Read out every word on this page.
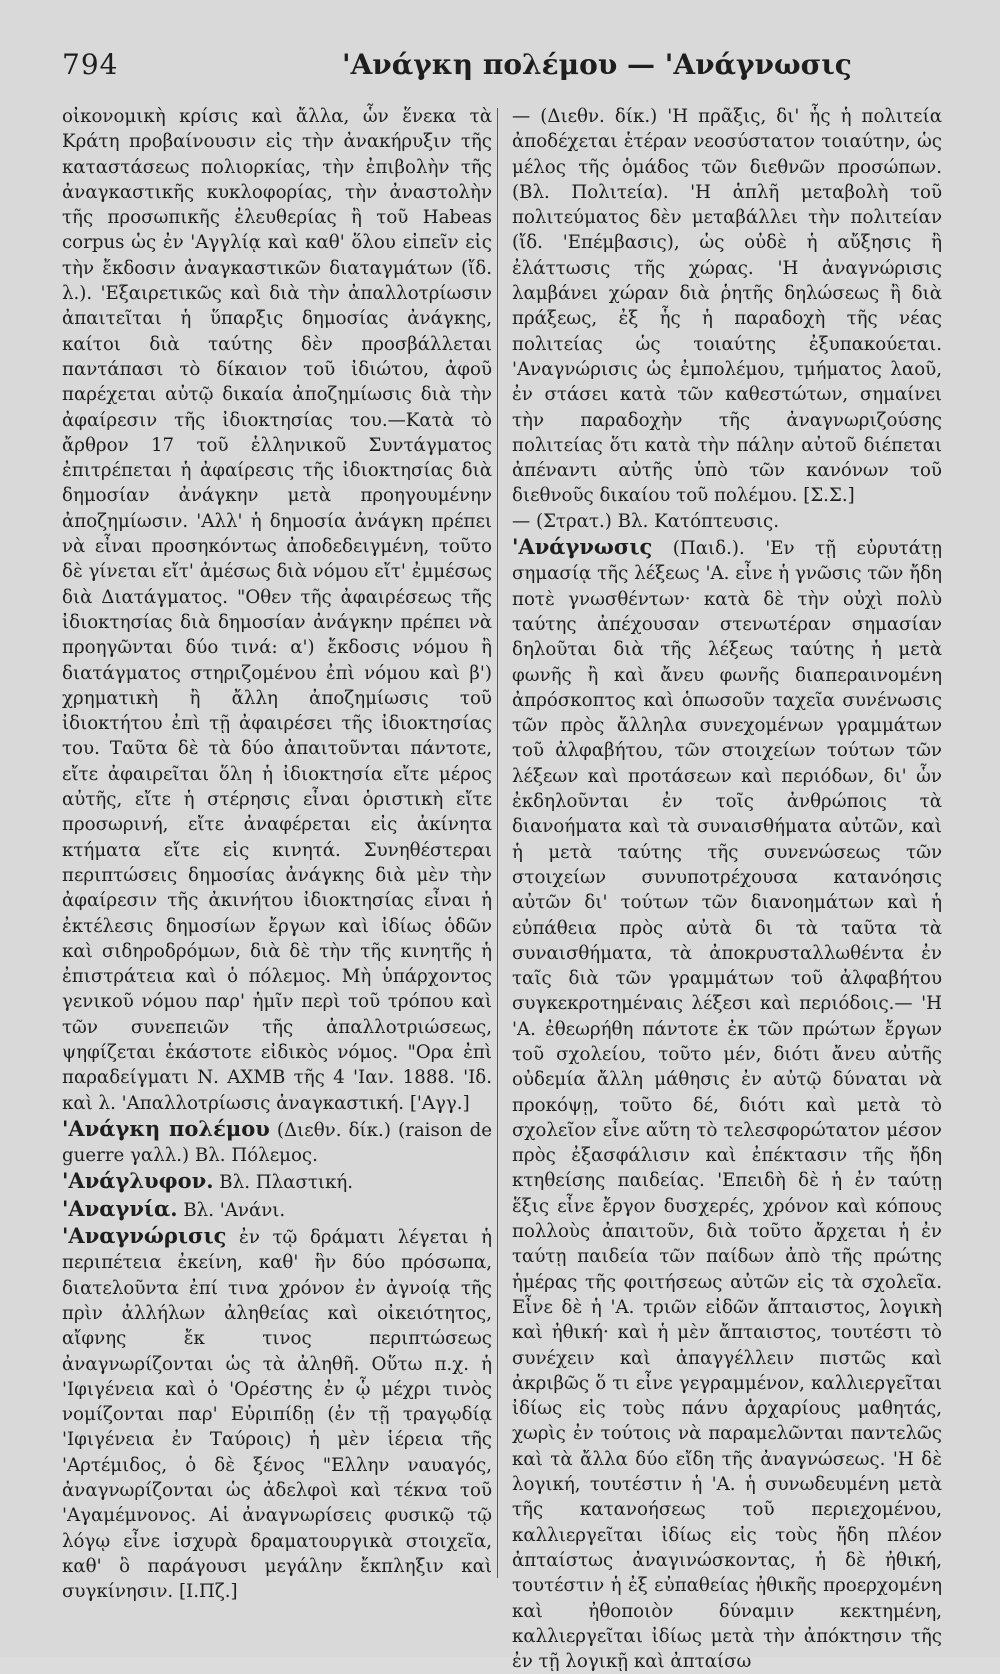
794	'Ανάγκη πολέμου — 'Ανάγνωσις

οἰκονομικὴ κρίσις καὶ ἄλλα, ὧν ἕνεκα τὰ Κράτη προβαίνουσιν εἰς τὴν ἀνακήρυξιν τῆς καταστάσεως πολιορκίας, τὴν ἐπιβολὴν τῆς ἀναγκαστικῆς κυκλοφορίας, τὴν ἀναστολὴν τῆς προσωπικῆς ἐλευθερίας ἢ τοῦ Habeas corpus ὡς ἐν 'Αγγλίᾳ καὶ καθ' ὅλου εἰπεῖν εἰς τὴν ἔκδοσιν ἀναγκαστικῶν διαταγμάτων (ἴδ. λ.). 'Εξαιρετικῶς καὶ διὰ τὴν ἀπαλλοτρίωσιν ἀπαιτεῖται ἡ ὕπαρξις δημοσίας ἀνάγκης, καίτοι διὰ ταύτης δὲν προσβάλλεται παντάπασι τὸ δίκαιον τοῦ ἰδιώτου, ἀφοῦ παρέχεται αὐτῷ δικαία ἀποζημίωσις διὰ τὴν ἀφαίρεσιν τῆς ἰδιοκτησίας του.—Κατὰ τὸ ἄρθρον 17 τοῦ ἑλληνικοῦ Συντάγματος ἐπιτρέπεται ἡ ἀφαίρεσις τῆς ἰδιοκτησίας διὰ δημοσίαν ἀνάγκην μετὰ προηγουμένην ἀποζημίωσιν. 'Αλλ' ἡ δημοσία ἀνάγκη πρέπει νὰ εἶναι προσηκόντως ἀποδεδειγμένη, τοῦτο δὲ γίνεται εἴτ' ἀμέσως διὰ νόμου εἴτ' ἐμμέσως διὰ Διατάγματος. "Οθεν τῆς ἀφαιρέσεως τῆς ἰδιοκτησίας διὰ δημοσίαν ἀνάγκην πρέπει νὰ προηγῶνται δύο τινά: α') ἔκδοσις νόμου ἢ διατάγματος στηριζομένου ἐπὶ νόμου καὶ β') χρηματικὴ ἢ ἄλλη ἀποζημίωσις τοῦ ἰδιοκτήτου ἐπὶ τῇ ἀφαιρέσει τῆς ἰδιοκτησίας του. Ταῦτα δὲ τὰ δύο ἀπαιτοῦνται πάντοτε, εἴτε ἀφαιρεῖται ὅλη ἡ ἰδιοκτησία εἴτε μέρος αὐτῆς, εἴτε ἡ στέρησις εἶναι ὁριστικὴ εἴτε προσωρινή, εἴτε ἀναφέρεται εἰς ἀκίνητα κτήματα εἴτε εἰς κινητά. Συνηθέστεραι περιπτώσεις δημοσίας ἀνάγκης διὰ μὲν τὴν ἀφαίρεσιν τῆς ἀκινήτου ἰδιοκτησίας εἶναι ἡ ἐκτέλεσις δημοσίων ἔργων καὶ ἰδίως ὁδῶν καὶ σιδηροδρόμων, διὰ δὲ τὴν τῆς κινητῆς ἡ ἐπιστράτεια καὶ ὁ πόλεμος. Μὴ ὑπάρχοντος γενικοῦ νόμου παρ' ἡμῖν περὶ τοῦ τρόπου καὶ τῶν συνεπειῶν τῆς ἀπαλλοτριώσεως, ψηφίζεται ἑκάστοτε εἰδικὸς νόμος. "Ορα ἐπὶ παραδείγματι Ν. ΑΧΜΒ τῆς 4 'Ιαν. 1888. 'Ιδ. καὶ λ. 'Απαλλοτρίωσις ἀναγκαστική. ['Αγγ.]

'Ανάγκη πολέμου (Διεθν. δίκ.) (raison de guerre γαλλ.) Βλ. Πόλεμος.

'Ανάγλυφον. Βλ. Πλαστική.

'Αναγνία. Βλ. 'Ανάνι.

'Αναγνώρισις ἐν τῷ δράματι λέγεται ἡ περιπέτεια ἐκείνη, καθ' ἣν δύο πρόσωπα, διατελοῦντα ἐπί τινα χρόνον ἐν ἀγνοίᾳ τῆς πρὶν ἀλλήλων ἀληθείας καὶ οἰκειότητος, αἴφνης ἔκ τινος περιπτώσεως ἀναγνωρίζονται ὡς τὰ ἀληθῆ. Οὕτω π.χ. ἡ 'Ιφιγένεια καὶ ὁ 'Ορέστης ἐν ᾧ μέχρι τινὸς νομίζονται παρ' Εὐριπίδῃ (ἐν τῇ τραγῳδίᾳ 'Ιφιγένεια ἐν Ταύροις) ἡ μὲν ἱέρεια τῆς 'Αρτέμιδος, ὁ δὲ ξένος "Ελλην ναυαγός, ἀναγνωρίζονται ὡς ἀδελφοὶ καὶ τέκνα τοῦ 'Αγαμέμνονος. Αἱ ἀναγνωρίσεις φυσικῷ τῷ λόγῳ εἶνε ἰσχυρὰ δραματουργικὰ στοιχεῖα, καθ' ὃ παράγουσι μεγάλην ἔκπληξιν καὶ συγκίνησιν. [Ι.Πζ.]

— (Διεθν. δίκ.) 'Η πρᾶξις, δι' ἧς ἡ πολιτεία ἀποδέχεται ἑτέραν νεοσύστατον τοιαύτην, ὡς μέλος τῆς ὁμάδος τῶν διεθνῶν προσώπων. (Βλ. Πολιτεία). 'Η ἁπλῆ μεταβολὴ τοῦ πολιτεύματος δὲν μεταβάλλει τὴν πολιτείαν (ἴδ. 'Επέμβασις), ὡς οὐδὲ ἡ αὔξησις ἢ ἐλάττωσις τῆς χώρας. 'Η ἀναγνώρισις λαμβάνει χώραν διὰ ῥητῆς δηλώσεως ἢ διὰ πράξεως, ἐξ ἧς ἡ παραδοχὴ τῆς νέας πολιτείας ὡς τοιαύτης ἐξυπακούεται. 'Αναγνώρισις ὡς ἐμπολέμου, τμήματος λαοῦ, ἐν στάσει κατὰ τῶν καθεστώτων, σημαίνει τὴν παραδοχὴν τῆς ἀναγνωριζούσης πολιτείας ὅτι κατὰ τὴν πάλην αὐτοῦ διέπεται ἀπέναντι αὐτῆς ὑπὸ τῶν κανόνων τοῦ διεθνοῦς δικαίου τοῦ πολέμου. [Σ.Σ.]

— (Στρατ.) Βλ. Κατόπτευσις.

'Ανάγνωσις (Παιδ.). 'Εν τῇ εὐρυτάτῃ σημασίᾳ τῆς λέξεως 'Α. εἶνε ἡ γνῶσις τῶν ἤδη ποτὲ γνωσθέντων· κατὰ δὲ τὴν οὐχὶ πολὺ ταύτης ἀπέχουσαν στενωτέραν σημασίαν δηλοῦται διὰ τῆς λέξεως ταύτης ἡ μετὰ φωνῆς ἢ καὶ ἄνευ φωνῆς διαπεραινομένη ἀπρόσκοπτος καὶ ὁπωσοῦν ταχεῖα συνένωσις τῶν πρὸς ἄλληλα συνεχομένων γραμμάτων τοῦ ἀλφαβήτου, τῶν στοιχείων τούτων τῶν λέξεων καὶ προτάσεων καὶ περιόδων, δι' ὧν ἐκδηλοῦνται ἐν τοῖς ἀνθρώποις τὰ διανοήματα καὶ τὰ συναισθήματα αὐτῶν, καὶ ἡ μετὰ ταύτης τῆς συνενώσεως τῶν στοιχείων συνυποτρέχουσα κατανόησις αὐτῶν δι' τούτων τῶν διανοημάτων καὶ ἡ εὐπάθεια πρὸς αὐτὰ δι τὰ ταῦτα τὰ συναισθήματα, τὰ ἀποκρυσταλλωθέντα ἐν ταῖς διὰ τῶν γραμμάτων τοῦ ἀλφαβήτου συγκεκροτημέναις λέξεσι καὶ περιόδοις.— 'Η 'Α. ἐθεωρήθη πάντοτε ἐκ τῶν πρώτων ἔργων τοῦ σχολείου, τοῦτο μέν, διότι ἄνευ αὐτῆς οὐδεμία ἄλλη μάθησις ἐν αὐτῷ δύναται νὰ προκόψῃ, τοῦτο δέ, διότι καὶ μετὰ τὸ σχολεῖον εἶνε αὕτη τὸ τελεσφορώτατον μέσον πρὸς ἐξασφάλισιν καὶ ἐπέκτασιν τῆς ἤδη κτηθείσης παιδείας. 'Επειδὴ δὲ ἡ ἐν ταύτῃ ἕξις εἶνε ἔργον δυσχερές, χρόνον καὶ κόπους πολλοὺς ἀπαιτοῦν, διὰ τοῦτο ἄρχεται ἡ ἐν ταύτῃ παιδεία τῶν παίδων ἀπὸ τῆς πρώτης ἡμέρας τῆς φοιτήσεως αὐτῶν εἰς τὰ σχολεῖα. Εἶνε δὲ ἡ 'Α. τριῶν εἰδῶν ἄπταιστος, λογικὴ καὶ ἠθική· καὶ ἡ μὲν ἄπταιστος, τουτέστι τὸ συνέχειν καὶ ἀπαγγέλλειν πιστῶς καὶ ἀκριβῶς ὅ τι εἶνε γεγραμμένον, καλλιεργεῖται ἰδίως εἰς τοὺς πάνυ ἀρχαρίους μαθητάς, χωρὶς ἐν τούτοις νὰ παραμελῶνται παντελῶς καὶ τὰ ἄλλα δύο εἴδη τῆς ἀναγνώσεως. 'Η δὲ λογική, τουτέστιν ἡ 'Α. ἡ συνωδευμένη μετὰ τῆς κατανοήσεως τοῦ περιεχομένου, καλλιεργεῖται ἰδίως εἰς τοὺς ἤδη πλέον ἀπταίστως ἀναγινώσκοντας, ἡ δὲ ἠθική, τουτέστιν ἡ ἐξ εὐπαθείας ἠθικῆς προερχομένη καὶ ἠθοποιὸν δύναμιν κεκτημένη, καλλιεργεῖται ἰδίως μετὰ τὴν ἀπόκτησιν τῆς ἐν τῇ λογικῇ καὶ ἀπταίσω
